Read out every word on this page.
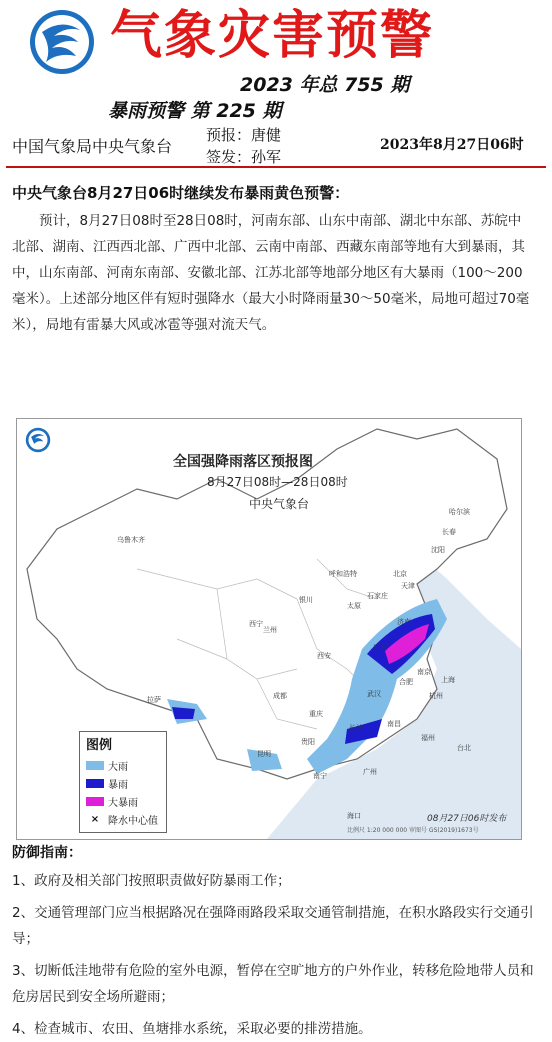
气象灾害预警
2023 年总 755 期
暴雨预警 第 225 期
中国气象局中央气象台
预报：唐健
签发：孙军
2023年8月27日06时
中央气象台8月27日06时继续发布暴雨黄色预警：
预计，8月27日08时至28日08时，河南东部、山东中南部、湖北中东部、苏皖中北部、湖南、江西西北部、广西中北部、云南中南部、西藏东南部等地有大到暴雨，其中，山东南部、河南东南部、安徽北部、江苏北部等地部分地区有大暴雨（100～200毫米）。上述部分地区伴有短时强降水（最大小时降雨量30～50毫米，局地可超过70毫米），局地有雷暴大风或冰雹等强对流天气。
全国强降雨落区预报图
8月27日08时—28日08时
中央气象台
哈尔滨
长春
沈阳
北京
天津
石家庄
太原
济南
郑州
西安
兰州
西宁
银川
呼和浩特
乌鲁木齐
拉萨	成都
重庆
贵阳
昆明
南宁	广州
长沙
武汉
南昌
合肥
南京
上海
杭州
福州
台北
海口
图例
大雨
暴雨
大暴雨
× 降水中心值	08月27日06时发布
比例尺 1:20 000 000 审图号 GS(2019)1673号
防御指南：
1、政府及相关部门按照职责做好防暴雨工作；
2、交通管理部门应当根据路况在强降雨路段采取交通管制措施，在积水路段实行交通引导；
3、切断低洼地带有危险的室外电源，暂停在空旷地方的户外作业，转移危险地带人员和危房居民到安全场所避雨；
4、检查城市、农田、鱼塘排水系统，采取必要的排涝措施。
